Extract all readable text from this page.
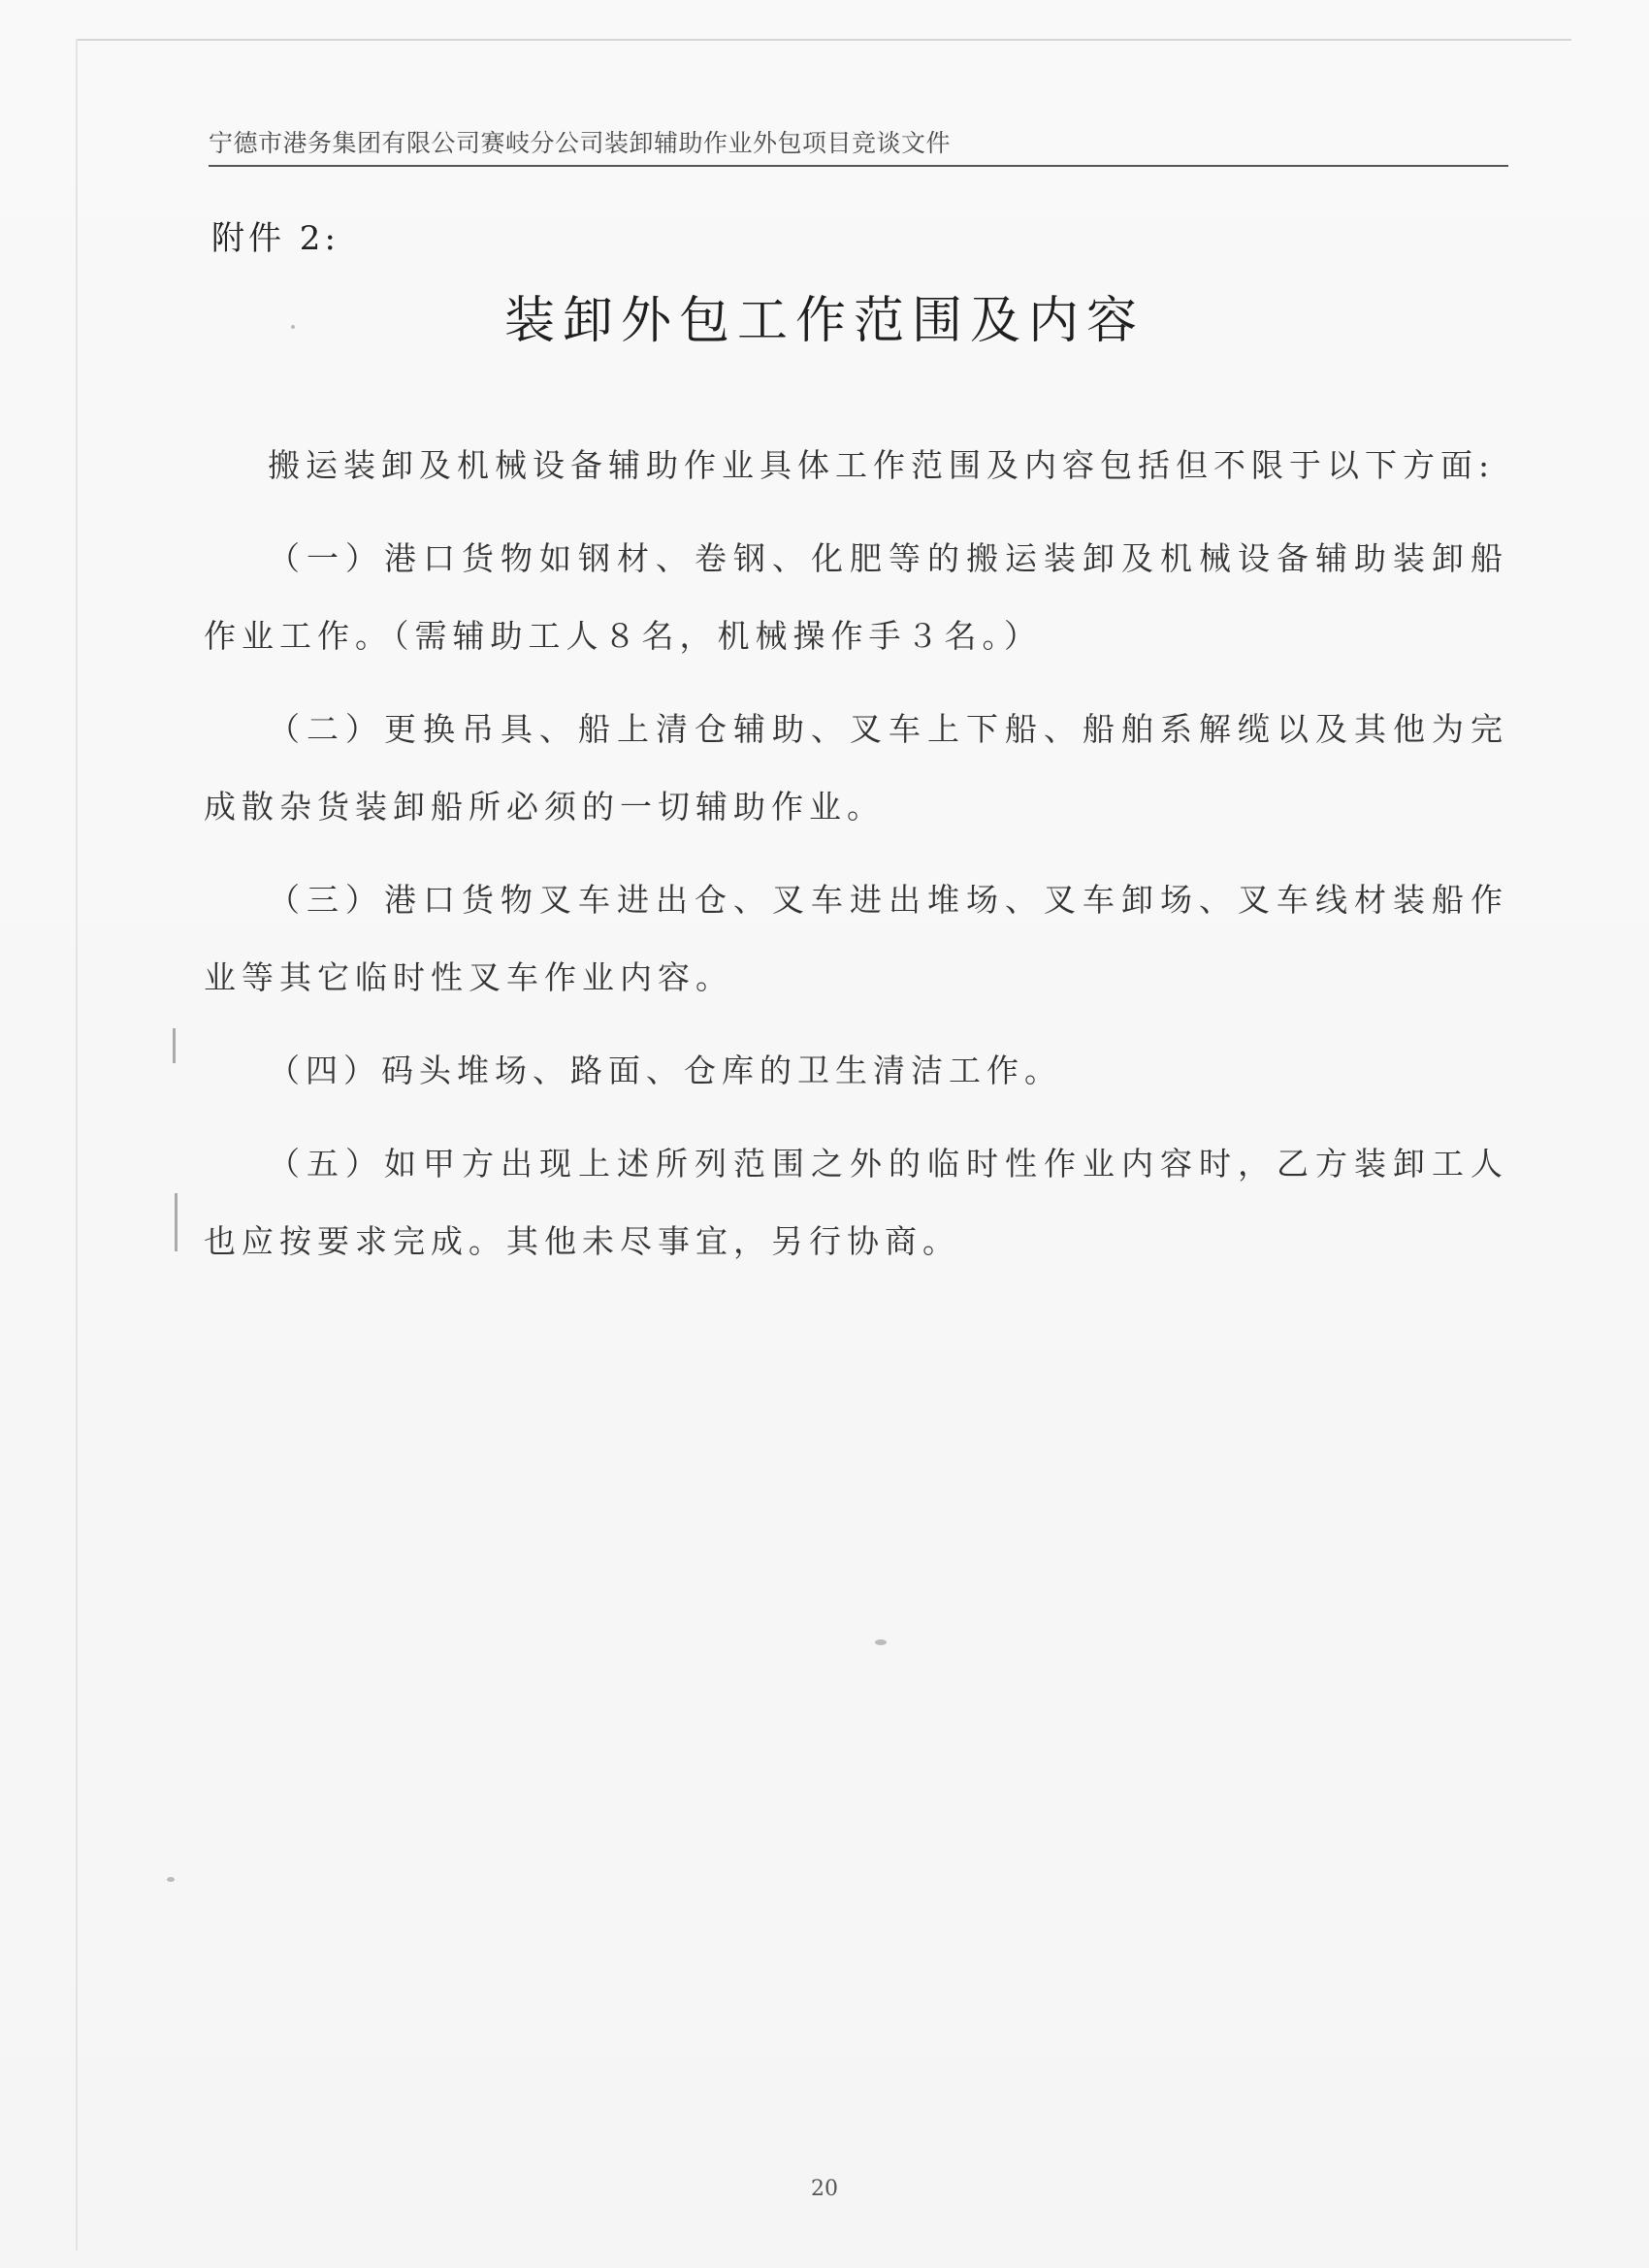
宁德市港务集团有限公司赛岐分公司装卸辅助作业外包项目竞谈文件
附件 2:
装卸外包工作范围及内容

搬运装卸及机械设备辅助作业具体工作范围及内容包括但不限于以下方面:

（一）港口货物如钢材、卷钢、化肥等的搬运装卸及机械设备辅助装卸船作业工作。（需辅助工人８名，机械操作手３名。）

（二）更换吊具、船上清仓辅助、叉车上下船、船舶系解缆以及其他为完成散杂货装卸船所必须的一切辅助作业。

（三）港口货物叉车进出仓、叉车进出堆场、叉车卸场、叉车线材装船作业等其它临时性叉车作业内容。

（四）码头堆场、路面、仓库的卫生清洁工作。

（五）如甲方出现上述所列范围之外的临时性作业内容时，乙方装卸工人也应按要求完成。其他未尽事宜，另行协商。

20
